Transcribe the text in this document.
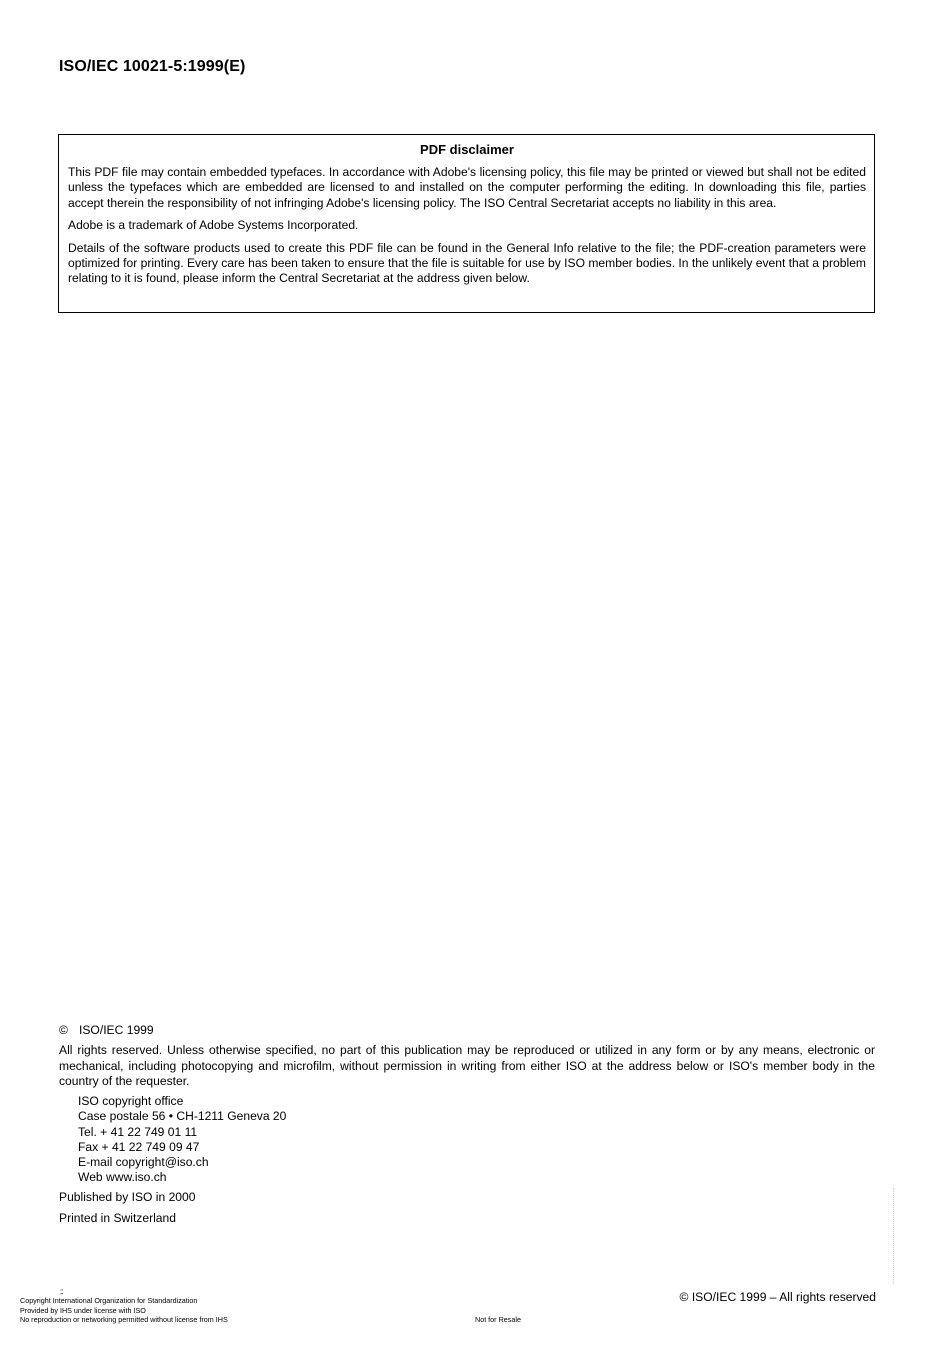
ISO/IEC 10021-5:1999(E)
PDF disclaimer

This PDF file may contain embedded typefaces. In accordance with Adobe's licensing policy, this file may be printed or viewed but shall not be edited unless the typefaces which are embedded are licensed to and installed on the computer performing the editing. In downloading this file, parties accept therein the responsibility of not infringing Adobe's licensing policy. The ISO Central Secretariat accepts no liability in this area.

Adobe is a trademark of Adobe Systems Incorporated.

Details of the software products used to create this PDF file can be found in the General Info relative to the file; the PDF-creation parameters were optimized for printing. Every care has been taken to ensure that the file is suitable for use by ISO member bodies. In the unlikely event that a problem relating to it is found, please inform the Central Secretariat at the address given below.

© ISO/IEC 1999

All rights reserved. Unless otherwise specified, no part of this publication may be reproduced or utilized in any form or by any means, electronic or mechanical, including photocopying and microfilm, without permission in writing from either ISO at the address below or ISO's member body in the country of the requester.

ISO copyright office
Case postale 56 • CH-1211 Geneva 20
Tel. + 41 22 749 01 11
Fax + 41 22 749 09 47
E-mail copyright@iso.ch
Web www.iso.ch
Published by ISO in 2000
Printed in Switzerland
::
Copyright International Organization for Standardization
Provided by IHS under license with ISO
No reproduction or networking permitted without license from IHS	Not for Resale
© ISO/IEC 1999 – All rights reserved
